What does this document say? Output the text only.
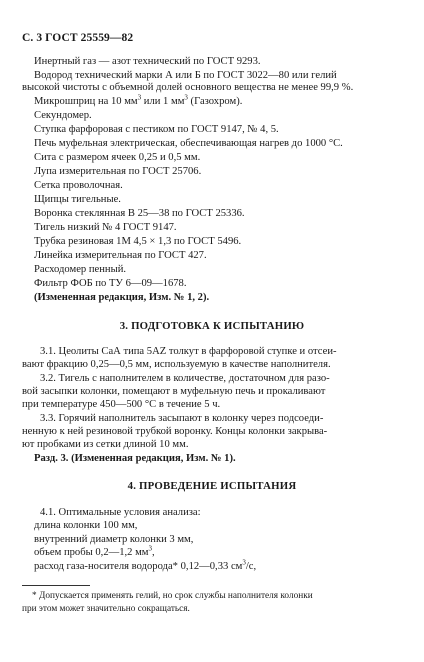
С. 3 ГОСТ 25559—82
Инертный газ — азот технический по ГОСТ 9293.
Водород технический марки А или Б по ГОСТ 3022—80 или гелий
высокой чистоты с объемной долей основного вещества не менее 99,9 %.
Микрошприц на 10 $мм^3$ или 1 $мм^3$ (Газохром).
Секундомер.
Ступка фарфоровая с пестиком по ГОСТ 9147, № 4, 5.
Печь муфельная электрическая, обеспечивающая нагрев до 1000 °С.
Сита с размером ячеек 0,25 и 0,5 мм.
Лупа измерительная по ГОСТ 25706.
Сетка проволочная.
Щипцы тигельные.
Воронка стеклянная В 25—38 по ГОСТ 25336.
Тигель низкий № 4 ГОСТ 9147.
Трубка резиновая 1М 4,5 × 1,3 по ГОСТ 5496.
Линейка измерительная по ГОСТ 427.
Расходомер пенный.
Фильтр ФОБ по ТУ 6—09—1678.
(Измененная редакция, Изм. № 1, 2).
3. ПОДГОТОВКА К ИСПЫТАНИЮ
3.1. Цеолиты СаА типа 5AZ толкут в фарфоровой ступке и отсеи-
вают фракцию 0,25—0,5 мм, используемую в качестве наполнителя.
3.2. Тигель с наполнителем в количестве, достаточном для разо-
вой засыпки колонки, помещают в муфельную печь и прокаливают
при температуре 450—500 °С в течение 5 ч.
3.3. Горячий наполнитель засыпают в колонку через подсоеди-
ненную к ней резиновой трубкой воронку. Концы колонки закрыва-
ют пробками из сетки длиной 10 мм.
Разд. 3. (Измененная редакция, Изм. № 1).
4. ПРОВЕДЕНИЕ ИСПЫТАНИЯ
4.1. Оптимальные условия анализа:
длина колонки 100 мм,
внутренний диаметр колонки 3 мм,
объем пробы 0,2—1,2 $мм^3$,
расход газа-носителя водорода* 0,12—0,33 $см^3/с$,
* Допускается применять гелий, но срок службы наполнителя колонки
при этом может значительно сокращаться.
